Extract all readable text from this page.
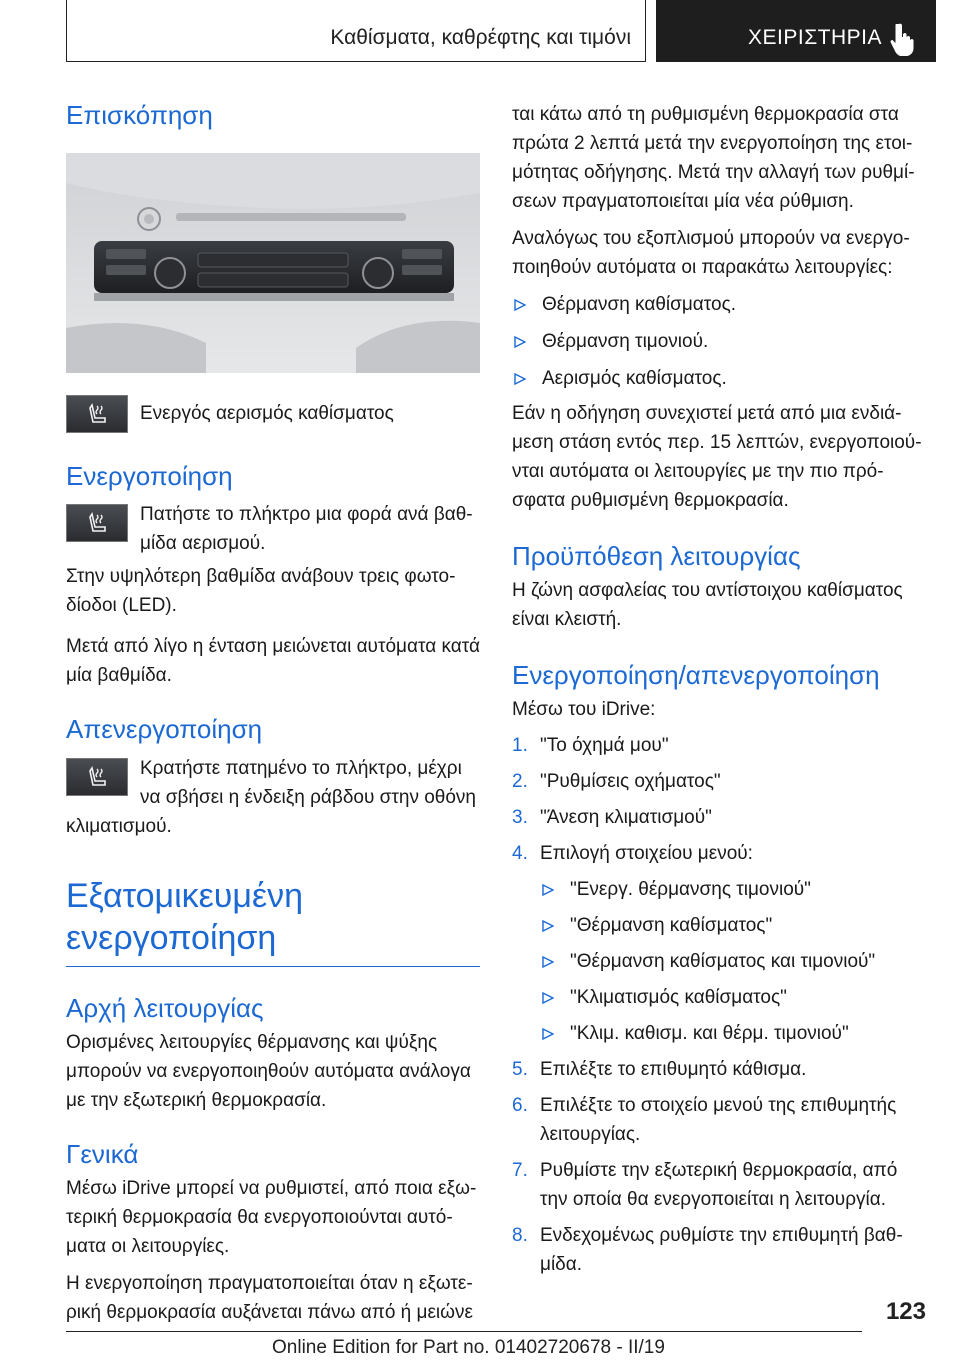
Καθίσματα, καθρέφτης και τιμόνι	ΧΕΙΡΙΣΤΗΡΙΑ
Επισκόπηση

Ενεργός αερισμός καθίσματος

Ενεργοποίηση

Πατήστε το πλήκτρο μια φορά ανά βαθμίδα αερισμού.

Στην υψηλότερη βαθμίδα ανάβουν τρεις φωτοδίοδοι (LED).

Μετά από λίγο η ένταση μειώνεται αυτόματα κατά μία βαθμίδα.

Απενεργοποίηση

Κρατήστε πατημένο το πλήκτρο, μέχρι να σβήσει η ένδειξη ράβδου στην οθόνη κλιματισμού.

Εξατομικευμένη
ενεργοποίηση
Αρχή λειτουργίας

Ορισμένες λειτουργίες θέρμανσης και ψύξης μπορούν να ενεργοποιηθούν αυτόματα ανάλογα με την εξωτερική θερμοκρασία.

Γενικά

Μέσω iDrive μπορεί να ρυθμιστεί, από ποια εξωτερική θερμοκρασία θα ενεργοποιούνται αυτόματα οι λειτουργίες.

Η ενεργοποίηση πραγματοποιείται όταν η εξωτερική θερμοκρασία αυξάνεται πάνω από ή μειώνε

ται κάτω από τη ρυθμισμένη θερμοκρασία στα πρώτα 2 λεπτά μετά την ενεργοποίηση της ετοιμότητας οδήγησης. Μετά την αλλαγή των ρυθμίσεων πραγματοποιείται μία νέα ρύθμιση.

Αναλόγως του εξοπλισμού μπορούν να ενεργοποιηθούν αυτόματα οι παρακάτω λειτουργίες:

Θέρμανση καθίσματος.
Θέρμανση τιμονιού.
Αερισμός καθίσματος.

Εάν η οδήγηση συνεχιστεί μετά από μια ενδιάμεση στάση εντός περ. 15 λεπτών, ενεργοποιούνται αυτόματα οι λειτουργίες με την πιο πρόσφατα ρυθμισμένη θερμοκρασία.

Προϋπόθεση λειτουργίας

Η ζώνη ασφαλείας του αντίστοιχου καθίσματος είναι κλειστή.

Ενεργοποίηση/απενεργοποίηση

Μέσω του iDrive:

1. "Το όχημά μου"
2. "Ρυθμίσεις οχήματος"
3. "Άνεση κλιματισμού"
4. Επιλογή στοιχείου μενού:
"Ενεργ. θέρμανσης τιμονιού"
"Θέρμανση καθίσματος"
"Θέρμανση καθίσματος και τιμονιού"
"Κλιματισμός καθίσματος"
"Κλιμ. καθισμ. και θέρμ. τιμονιού"
5. Επιλέξτε το επιθυμητό κάθισμα.
6. Επιλέξτε το στοιχείο μενού της επιθυμητής λειτουργίας.
7. Ρυθμίστε την εξωτερική θερμοκρασία, από την οποία θα ενεργοποιείται η λειτουργία.
8. Ενδεχομένως ρυθμίστε την επιθυμητή βαθμίδα.
123
Online Edition for Part no. 01402720678 - II/19
